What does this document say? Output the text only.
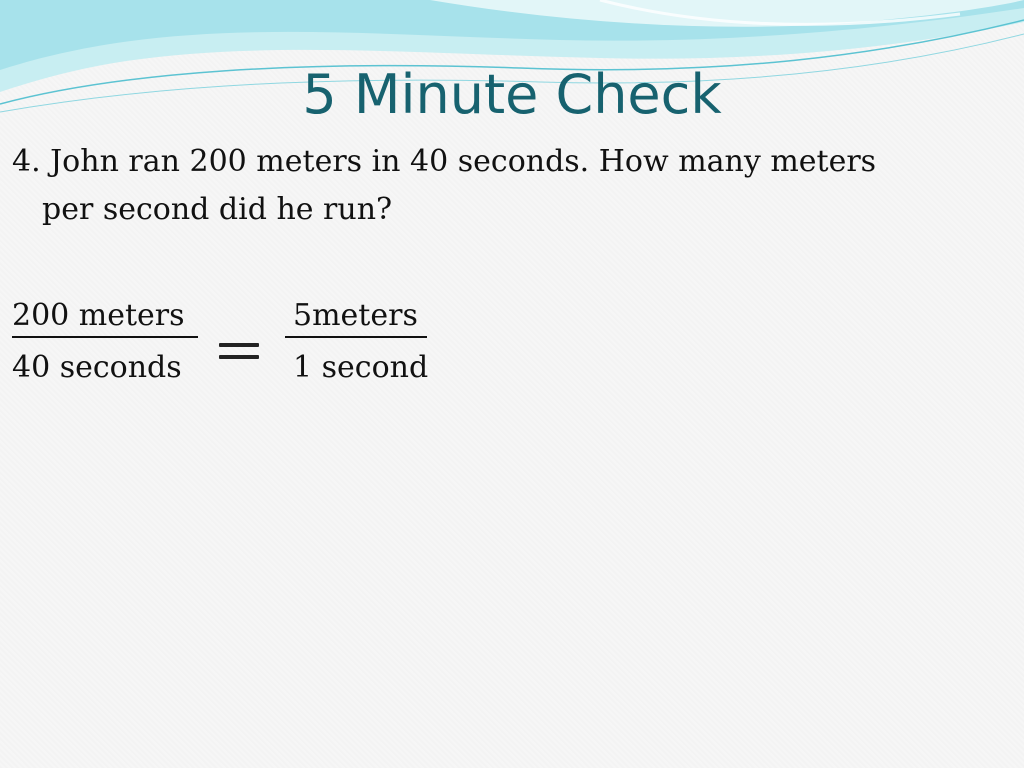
5 Minute Check
4. John ran 200 meters in 40 seconds. How many meters
per second did he run?
200 meters
40 seconds
5meters
1 second
